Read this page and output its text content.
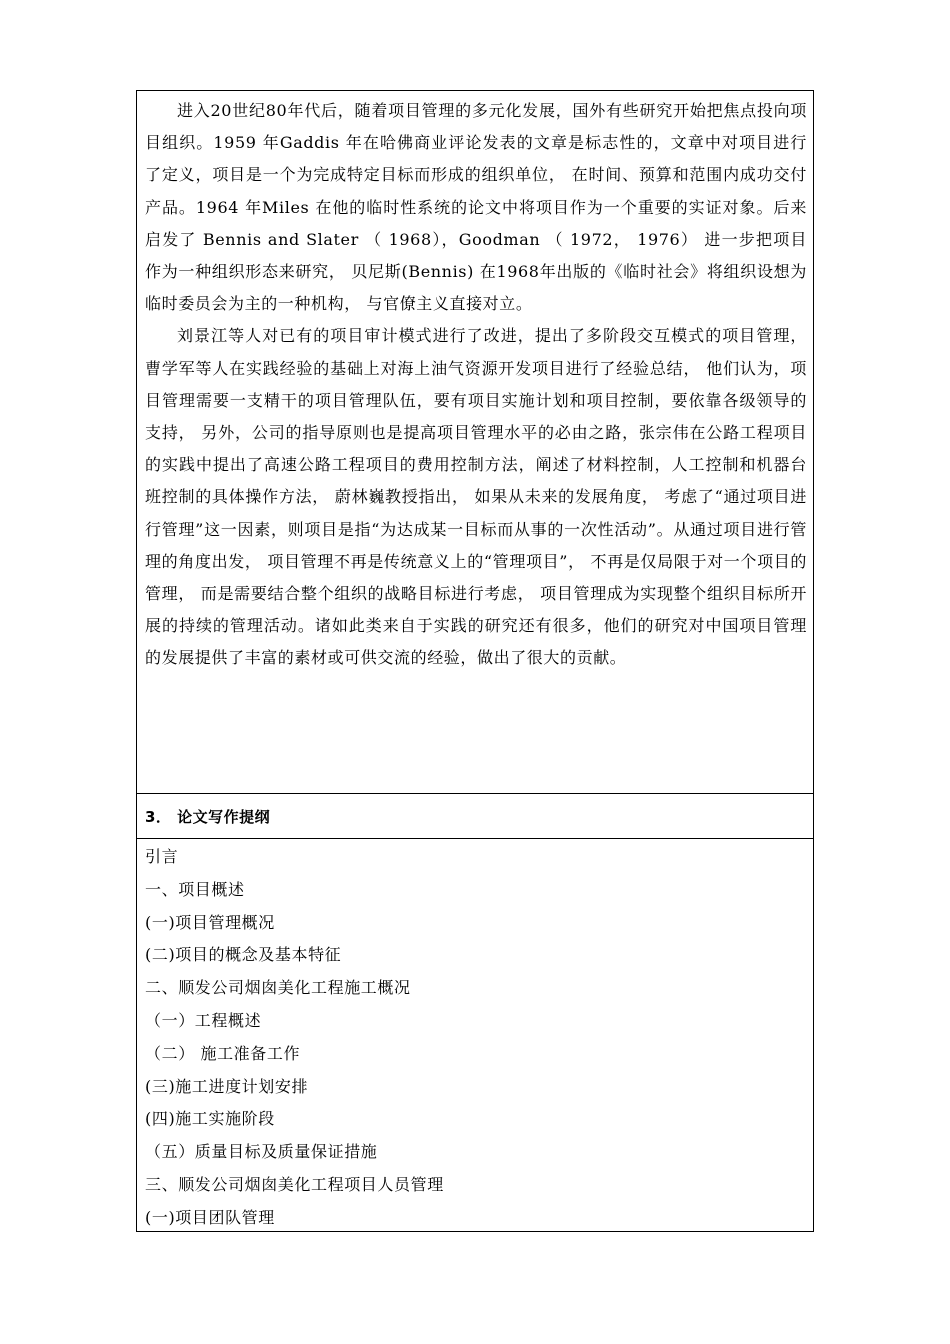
进入20世纪80年代后，随着项目管理的多元化发展，国外有些研究开始把焦点投向项目组织。1959 年Gaddis 年在哈佛商业评论发表的文章是标志性的，文章中对项目进行了定义，项目是一个为完成特定目标而形成的组织单位， 在时间、预算和范围内成功交付产品。1964 年Miles 在他的临时性系统的论文中将项目作为一个重要的实证对象。后来启发了 Bennis and Slater （ 1968），Goodman （ 1972， 1976） 进一步把项目作为一种组织形态来研究， 贝尼斯(Bennis) 在1968年出版的《临时社会》将组织设想为临时委员会为主的一种机构， 与官僚主义直接对立。

刘景江等人对已有的项目审计模式进行了改进，提出了多阶段交互模式的项目管理， 曹学军等人在实践经验的基础上对海上油气资源开发项目进行了经验总结， 他们认为，项目管理需要一支精干的项目管理队伍，要有项目实施计划和项目控制，要依靠各级领导的支持， 另外，公司的指导原则也是提高项目管理水平的必由之路，张宗伟在公路工程项目的实践中提出了高速公路工程项目的费用控制方法，阐述了材料控制，人工控制和机器台班控制的具体操作方法， 蔚林巍教授指出， 如果从未来的发展角度， 考虑了“通过项目进行管理”这一因素，则项目是指“为达成某一目标而从事的一次性活动”。从通过项目进行管理的角度出发， 项目管理不再是传统意义上的“管理项目”， 不再是仅局限于对一个项目的管理， 而是需要结合整个组织的战略目标进行考虑， 项目管理成为实现整个组织目标所开展的持续的管理活动。诸如此类来自于实践的研究还有很多，他们的研究对中国项目管理的发展提供了丰富的素材或可供交流的经验，做出了很大的贡献。

3． 论文写作提纲
引言
一、项目概述
(一)项目管理概况
(二)项目的概念及基本特征
二、顺发公司烟囱美化工程施工概况
（一）工程概述
（二） 施工准备工作
(三)施工进度计划安排
(四)施工实施阶段
（五）质量目标及质量保证措施
三、顺发公司烟囱美化工程项目人员管理
(一)项目团队管理
